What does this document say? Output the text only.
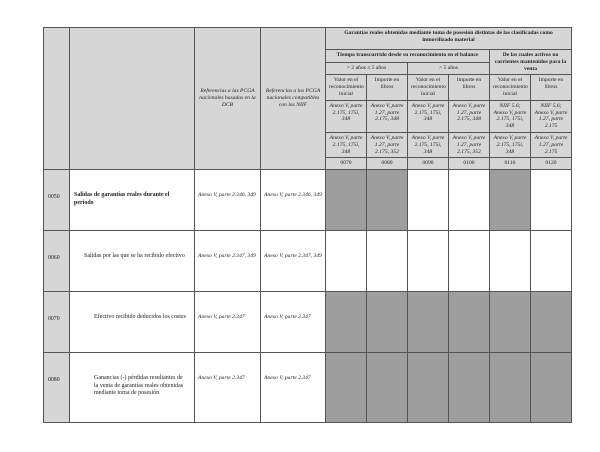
		Referencias a las PCGA nacionales basadas en la DCB	Referencias a las PCGA nacionales compatibles con las NIIF	Garantías reales obtenidas mediante toma de posesión distintas de las clasificadas como inmovilizado material					

				Tiempo transcurrido desde su reconocimiento en el balance				De las cuales activos no corrientes mantenidos para la venta	

				> 2 años ≤ 5 años		> 5 años			

				Valor en el reconocimiento inicial	Importe en libros	Valor en el reconocimiento inicial	Importe en libros	Valor en el reconocimiento inicial	Importe en libros

				Anexo V, parte 2.175, 175i, 348	Anexo V, parte 1.27, parte 2.175, 348	Anexo V, parte 2.175, 175i, 348	Anexo V, parte 1.27, parte 2.175, 348	NIIF 5.6; Anexo V, parte 2.175, 175i, 348	NIIF 5.6; Anexo V, parte 1.27, parte 2.175

				Anexo V, parte 2.175, 175i, 348	Anexo V, parte 1.27, parte 2.175, 352	Anexo V, parte 2.175, 175i, 348	Anexo V, parte 1.27, parte 2.175, 352	Anexo V, parte 2.175, 175i, 348	Anexo V, parte 1.27, parte 2.175

				0070	0080	0090	0100	0110	0120

0050	Salidas de garantías reales durante el periodo	Anexo V, parte 2.346, 349	Anexo V, parte 2.346, 349						

0060	Salidas por las que se ha recibido efectivo	Anexo V, parte 2.347, 349	Anexo V, parte 2.347, 349						

0070	Efectivo recibido deducidos los costes	Anexo V, parte 2.347	Anexo V, parte 2.347						

0080	Ganancias (-) pérdidas resultantes de la venta de garantías reales obtenidas mediante toma de posesión	Anexo V, parte 2.347	Anexo V, parte 2.347						
